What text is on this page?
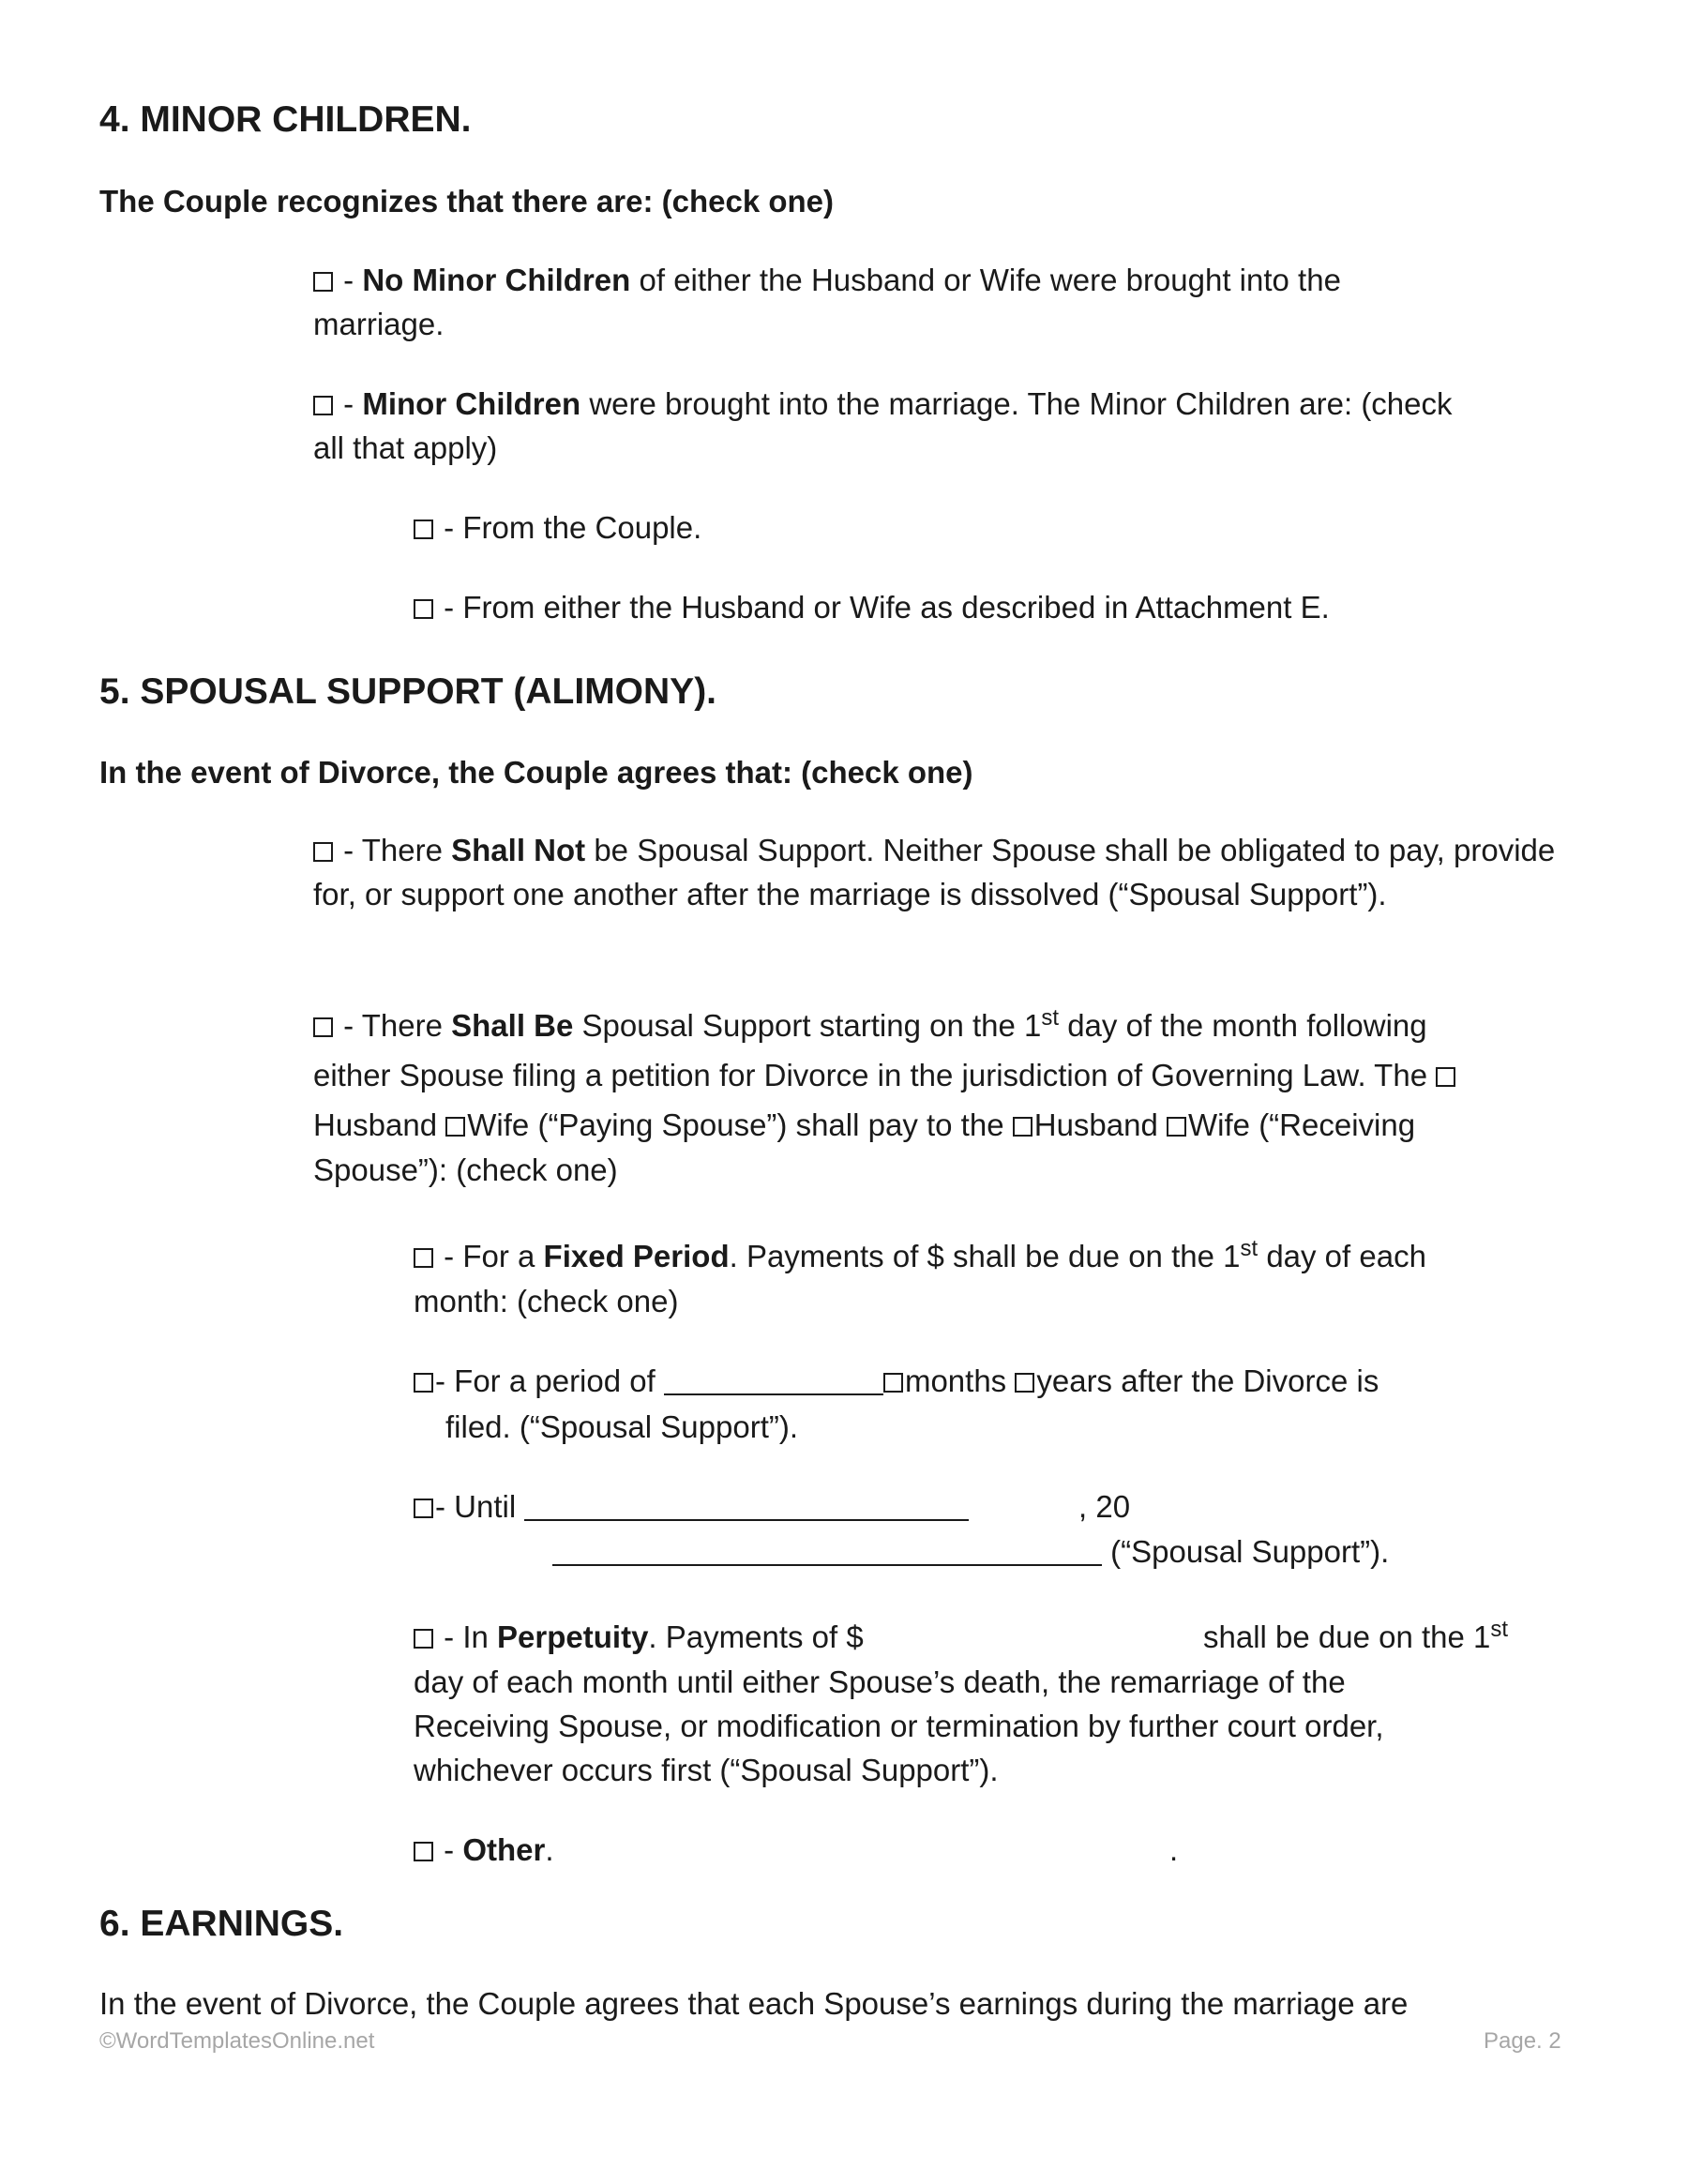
4. MINOR CHILDREN.
The Couple recognizes that there are: (check one)
- No Minor Children of either the Husband or Wife were brought into the marriage.
- Minor Children were brought into the marriage. The Minor Children are: (check all that apply)
- From the Couple.
- From either the Husband or Wife as described in Attachment E.
5. SPOUSAL SUPPORT (ALIMONY).
In the event of Divorce, the Couple agrees that: (check one)
- There Shall Not be Spousal Support. Neither Spouse shall be obligated to pay, provide for, or support one another after the marriage is dissolved (“Spousal Support”).
- There Shall Be Spousal Support starting on the 1st day of the month following
either Spouse filing a petition for Divorce in the jurisdiction of Governing Law. The
Husband Wife (“Paying Spouse”) shall pay to the Husband Wife (“Receiving
Spouse”): (check one)
- For a Fixed Period. Payments of $ shall be due on the 1st day of each
month: (check one)
- For a period of	months years after the Divorce is
filed. (“Spousal Support”).
- Until	, 20
(“Spousal Support”).
- In Perpetuity. Payments of $	shall be due on the 1st
day of each month until either Spouse’s death, the remarriage of the
Receiving Spouse, or modification or termination by further court order,
whichever occurs first (“Spousal Support”).
- Other.	.
6. EARNINGS.
In the event of Divorce, the Couple agrees that each Spouse’s earnings during the marriage are
©WordTemplatesOnline.net	Page. 2
